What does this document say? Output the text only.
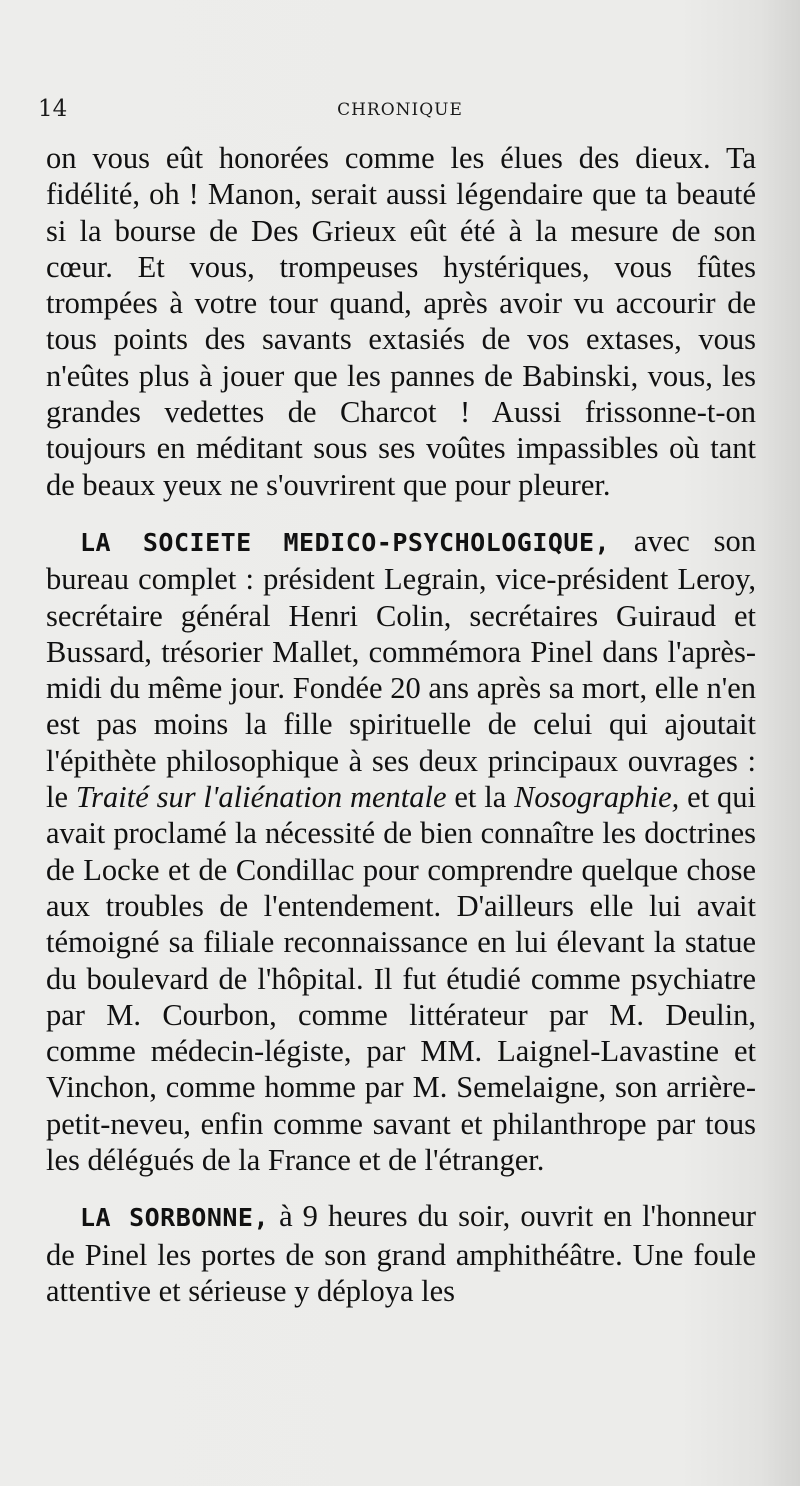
14	CHRONIQUE

on vous eût honorées comme les élues des dieux. Ta fidélité, oh ! Manon, serait aussi légendaire que ta beauté si la bourse de Des Grieux eût été à la mesure de son cœur. Et vous, trompeuses hystériques, vous fûtes trompées à votre tour quand, après avoir vu accourir de tous points des savants extasiés de vos extases, vous n'eûtes plus à jouer que les pannes de Babinski, vous, les grandes vedettes de Charcot ! Aussi frissonne-t-on toujours en méditant sous ses voûtes impassibles où tant de beaux yeux ne s'ouvrirent que pour pleurer.

LA SOCIETE MEDICO-PSYCHOLOGIQUE, avec son bureau complet : président Legrain, vice-président Leroy, secrétaire général Henri Colin, secrétaires Guiraud et Bussard, trésorier Mallet, commémora Pinel dans l'après-midi du même jour. Fondée 20 ans après sa mort, elle n'en est pas moins la fille spirituelle de celui qui ajoutait l'épithète philosophique à ses deux principaux ouvrages : le Traité sur l'aliénation mentale et la Nosographie, et qui avait proclamé la nécessité de bien connaître les doctrines de Locke et de Condillac pour comprendre quelque chose aux troubles de l'entendement. D'ailleurs elle lui avait témoigné sa filiale reconnaissance en lui élevant la statue du boulevard de l'hôpital. Il fut étudié comme psychiatre par M. Courbon, comme littérateur par M. Deulin, comme médecin-légiste, par MM. Laignel-Lavastine et Vinchon, comme homme par M. Semelaigne, son arrière-petit-neveu, enfin comme savant et philanthrope par tous les délégués de la France et de l'étranger.

LA SORBONNE, à 9 heures du soir, ouvrit en l'honneur de Pinel les portes de son grand amphithéâtre. Une foule attentive et sérieuse y déploya les
